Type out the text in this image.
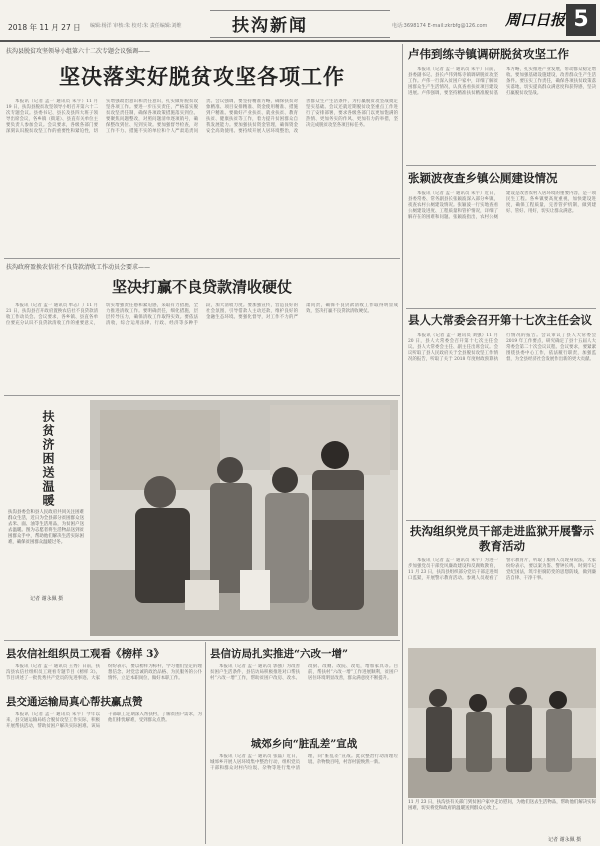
2018 年 11 月 27 日 编辑:杨洋 审核:朱 校对:朱 责任编辑:刘维	扶沟新闻	电话:3698174 E-mail:zkrbfg@126.com 周口日报 5
扶沟县脱贫攻坚领导小组第六十二次专题会议强调——
坚决落实好脱贫攻坚各项工作

本报讯（记者 孟一 通讯员 朱宇）11 月 19 日，扶沟县脱贫攻坚领导小组召开第六十二次专题会议。县委书记、县长及县四大班子领导出席会议，各乡镇（街道）、县直有关单位主要负责人参加会议。会议要求，各级各部门要深刻认识脱贫攻坚工作的重要性和紧迫性，切实增强政治意识和责任意识，扎实做好脱贫攻坚各项工作。要进一步压实责任，严格落实脱贫攻坚责任制，确保各项政策措施落实到位。要聚焦问题整改，对照问题清单逐项销号，确保整改到位、见到实效。要加强督导检查，对工作不力、措施不实的单位和个人严肃追责问责。会议强调，要坚持精准方略，确保扶贫对象精准、项目安排精准、资金使用精准、措施到户精准。要做好产业扶贫、就业扶贫、教育扶贫、健康扶贫等工作，着力提升贫困群众自我发展能力。要加强扶贫资金管理，确保资金安全高效使用。要持续开展人居环境整治，改善群众生产生活条件，为打赢脱贫攻坚战奠定坚实基础。会议还就近期脱贫攻坚重点工作进行了安排部署，要求各级各部门以更加饱满的热情、更加务实的作风、更加有力的举措，坚决完成脱贫攻坚各项目标任务。

卢伟到练寺镇调研脱贫攻坚工作

本报讯（记者 孟一 通讯员 朱宇）日前，县委副书记、县长卢伟到练寺镇调研脱贫攻坚工作。卢伟一行深入贫困户家中，详细了解贫困群众生产生活情况，认真查看扶贫项目建设进展。卢伟强调，要坚持精准扶贫精准脱贫基本方略，扎实推进产业发展，带动群众稳定增收。要加强基础设施建设，改善群众生产生活条件。要压实工作责任，确保各项扶贫政策落实落地，切实提高群众满意度和获得感，坚决打赢脱贫攻坚战。

张颖波夜查乡镇公厕建设情况

本报讯（记者 孟一 通讯员 朱宇）近日，县委常委、常务副县长张颖波深入部分乡镇，夜查农村公厕建设情况。张颖波一行实地查看公厕建设进度、工程质量和管护情况，详细了解存在的困难和问题。张颖波指出，农村公厕建设是改善农村人居环境的重要内容，是一项民生工程。各乡镇要高度重视，加快建设进度，确保工程质量，完善管护机制，做到建好、管好、用好，切实让群众满意。

扶沟政府盈换农信社不良贷款清收工作动员会要求——
坚决打赢不良贷款清收硬仗

本报讯（记者 孟一 通讯员 单志广）11 月 21 日，扶沟县召开政府置换农信社不良贷款清收工作动员会。会议要求，各乡镇、县直各单位要充分认识不良贷款清收工作的重要意义，切实增强责任感和紧迫感，采取有力措施，全力推进清收工作。要明确责任，细化措施，层层传导压力，确保清收工作取得实效。要依法清收，综合运用法律、行政、经济等多种手段，加大清收力度。要加强宣传，营造良好的社会氛围，引导借款人主动还款，维护良好的金融生态环境。要强化督导，对工作不力的严肃问责，确保不良贷款清收工作取得明显成效，坚决打赢不良贷款清收硬仗。

县人大常委会召开第十七次主任会议

本报讯（记者 孟一 通讯员 刘强）11 月 20 日，县人大常委会召开第十七次主任会议。县人大常委会主任、副主任出席会议。会议听取了县人民政府关于全县脱贫攻坚工作情况的报告，听取了关于 2018 年度财政预算执行情况的报告。会议审议了县人大常委会 2019 年工作要点，研究确定了县十五届人大常委会第二十次会议议程。会议要求，要紧紧围绕县委中心工作，依法履行职责，加强监督，为全县经济社会发展作出新的更大贡献。

扶贫济困送温暖
扶沟县委会和县人民政府共同关注困难群众生活，近日为全县部分贫困群众送去米、面、油等生活用品，为贫困户送去温暖。图为志愿者将生活物品送到贫困群众手中，帮助他们解决生活实际困难，确保贫困群众温暖过冬。
记者 谢永佩 摄
扶沟组织党员干部走进监狱开展警示教育活动

本报讯（记者 孟一 通讯员 朱宇）为进一步加强党员干部党风廉政建设和反腐败教育，11 月 23 日，扶沟县组织部分党员干部走进周口监狱，开展警示教育活动。参观人员观看了警示教育片，听取了服刑人员现身说法。大家纷纷表示，要以案为鉴、警钟长鸣，时刻牢记党纪国法，筑牢拒腐防变的思想防线，做到廉洁自律、干净干事。

11 月 23 日，扶沟县有关部门到贫困户家中走访慰问，为他们送去生活物品，帮助他们解决实际困难，切实将党和政府的温暖送到群众心坎上。
记者 谢永佩 摄
县农信社组织员工观看《榜样 3》

本报讯（记者 孟一 通讯员 王秀）日前，扶沟县农信社组织员工观看专题节目《榜样 3》。节目讲述了一批优秀共产党员的先进事迹。大家纷纷表示，要以榜样为标杆，学习他们坚定的理想信念、对党忠诚的政治品格、为民服务的公仆情怀，立足本职岗位，做好本职工作。

县信访局扎实推进“六改一增”

本报讯（记者 孟一 通讯员 郭强）为改善贫困户生活条件，县信访局积极推进对口帮扶村“六改一增”工作，帮助贫困户改房、改水、改厨、改厕、改院、改电，增加家具等。目前，帮扶村“六改一增”工作进展顺利，贫困户居住环境明显改善，群众满意度不断提升。

县交通运输局真心帮扶赢点赞

本报讯（记者 孟一 通讯员 朱宇）今年以来，县交通运输局结合脱贫攻坚工作实际，积极开展帮扶活动，帮助贫困户解决实际困难。该局干部职工定期深入帮扶村，了解贫困户需求，为他们排忧解难，受到群众点赞。

城郊乡向“脏乱差”宣战

本报讯（记者 孟一 通讯员 张磊）近日，城郊乡开展人居环境集中整治行动，组织党员干部和群众对村内垃圾、杂物等进行集中清理，向“脏乱差”宣战。此次整治行动清理垃圾、杂物数百吨，村容村貌焕然一新。
